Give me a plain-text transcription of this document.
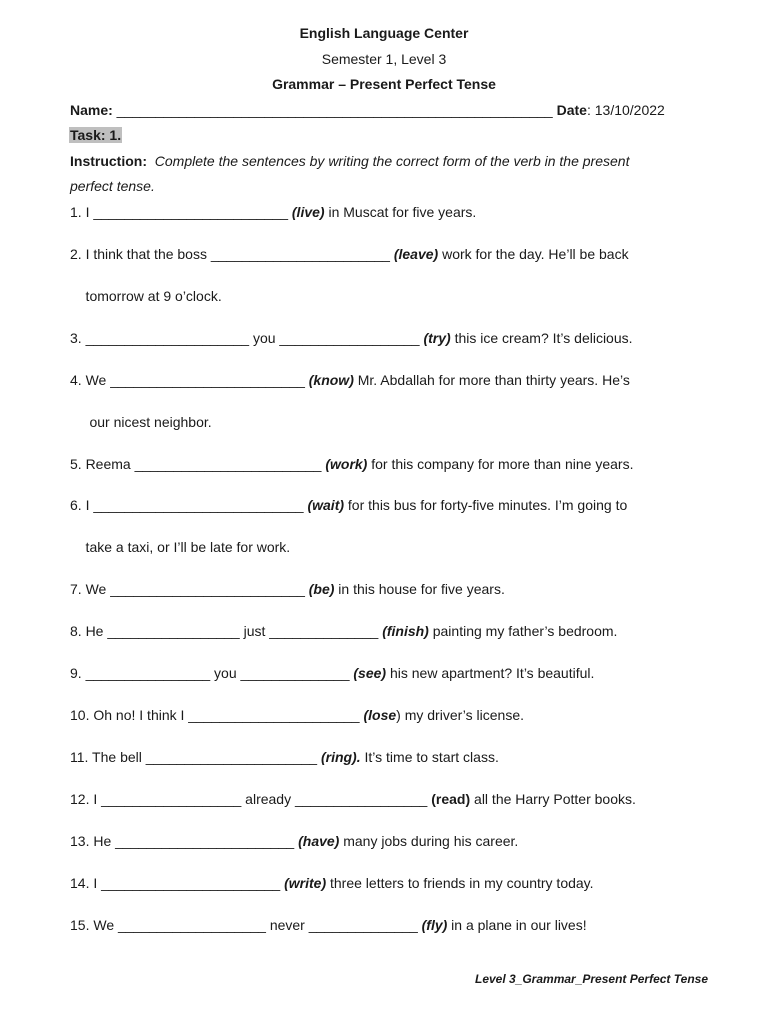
English Language Center
Semester 1, Level 3
Grammar – Present Perfect Tense
Name: ________________________________________________________ Date: 13/10/2022
Task: 1.
Instruction:  Complete the sentences by writing the correct form of the verb in the present
perfect tense.
1. I _________________________ (live) in Muscat for five years.
2. I think that the boss _______________________ (leave) work for the day. He’ll be back
tomorrow at 9 o’clock.
3. _____________________ you __________________ (try) this ice cream? It’s delicious.
4. We _________________________ (know) Mr. Abdallah for more than thirty years. He’s
our nicest neighbor.
5. Reema ________________________ (work) for this company for more than nine years.
6. I ___________________________ (wait) for this bus for forty-five minutes. I’m going to
take a taxi, or I’ll be late for work.
7. We _________________________ (be) in this house for five years.
8. He _________________ just ______________ (finish) painting my father’s bedroom.
9. ________________ you ______________ (see) his new apartment? It’s beautiful.
10. Oh no! I think I ______________________ (lose) my driver’s license.
11. The bell ______________________ (ring). It’s time to start class.
12. I __________________ already _________________ (read) all the Harry Potter books.
13. He _______________________ (have) many jobs during his career.
14. I _______________________ (write) three letters to friends in my country today.
15. We ___________________ never ______________ (fly) in a plane in our lives!
Level 3_Grammar_Present Perfect Tense
